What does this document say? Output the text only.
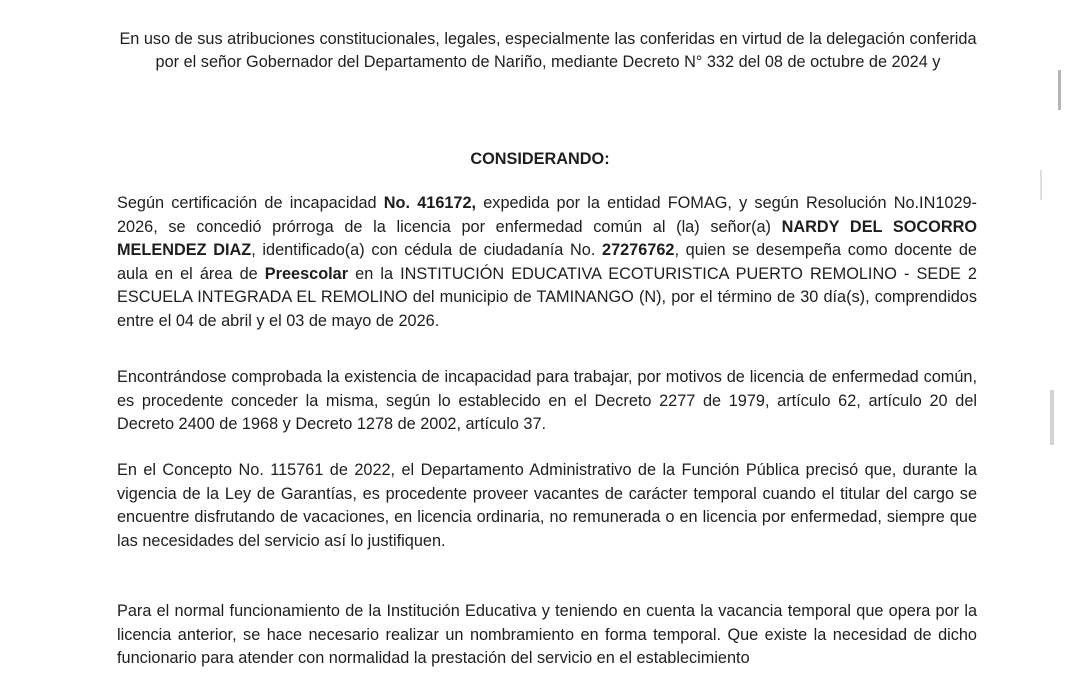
En uso de sus atribuciones constitucionales, legales, especialmente las conferidas en virtud de la delegación conferida por el señor Gobernador del Departamento de Nariño, mediante Decreto N° 332 del 08 de octubre de 2024 y

CONSIDERANDO:

Según certificación de incapacidad No. 416172, expedida por la entidad FOMAG, y según Resolución No.IN1029-2026, se concedió prórroga de la licencia por enfermedad común al (la) señor(a) NARDY DEL SOCORRO MELENDEZ DIAZ, identificado(a) con cédula de ciudadanía No. 27276762, quien se desempeña como docente de aula en el área de Preescolar en la INSTITUCIÓN EDUCATIVA ECOTURISTICA PUERTO REMOLINO - SEDE 2 ESCUELA INTEGRADA EL REMOLINO del municipio de TAMINANGO (N), por el término de 30 día(s), comprendidos entre el 04 de abril y el 03 de mayo de 2026.

Encontrándose comprobada la existencia de incapacidad para trabajar, por motivos de licencia de enfermedad común, es procedente conceder la misma, según lo establecido en el Decreto 2277 de 1979, artículo 62, artículo 20 del Decreto 2400 de 1968 y Decreto 1278 de 2002, artículo 37.

En el Concepto No. 115761 de 2022, el Departamento Administrativo de la Función Pública precisó que, durante la vigencia de la Ley de Garantías, es procedente proveer vacantes de carácter temporal cuando el titular del cargo se encuentre disfrutando de vacaciones, en licencia ordinaria, no remunerada o en licencia por enfermedad, siempre que las necesidades del servicio así lo justifiquen.

Para el normal funcionamiento de la Institución Educativa y teniendo en cuenta la vacancia temporal que opera por la licencia anterior, se hace necesario realizar un nombramiento en forma temporal. Que existe la necesidad de dicho funcionario para atender con normalidad la prestación del servicio en el establecimiento
